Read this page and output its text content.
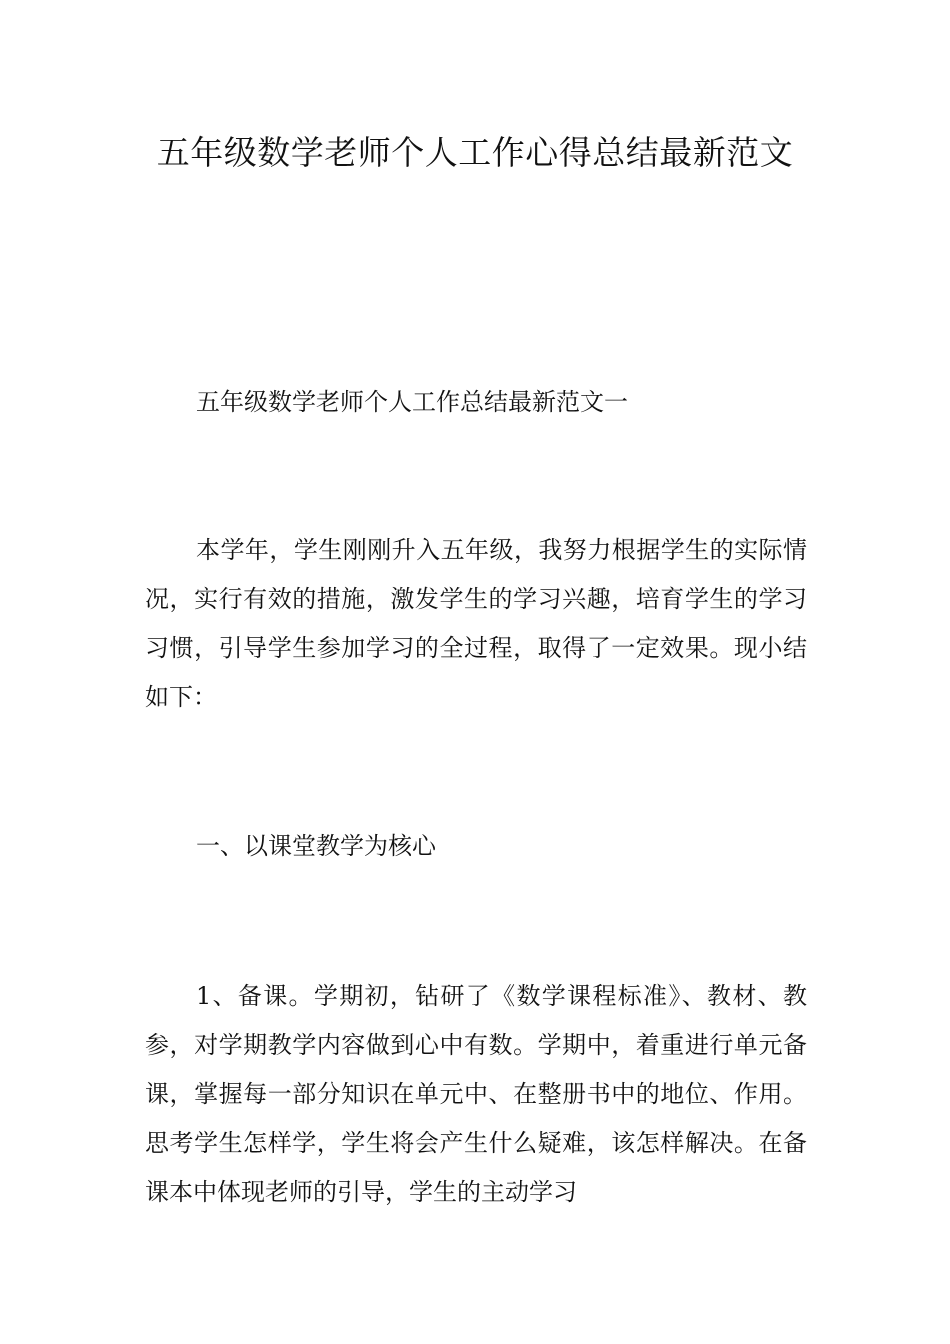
五年级数学老师个人工作心得总结最新范文

五年级数学老师个人工作总结最新范文一

本学年，学生刚刚升入五年级，我努力根据学生的实际情况，实行有效的措施，激发学生的学习兴趣，培育学生的学习习惯，引导学生参加学习的全过程，取得了一定效果。现小结如下：

一、以课堂教学为核心

1、备课。学期初，钻研了《数学课程标准》、教材、教参，对学期教学内容做到心中有数。学期中，着重进行单元备课，掌握每一部分知识在单元中、在整册书中的地位、作用。思考学生怎样学，学生将会产生什么疑难，该怎样解决。在备课本中体现老师的引导，学生的主动学习
